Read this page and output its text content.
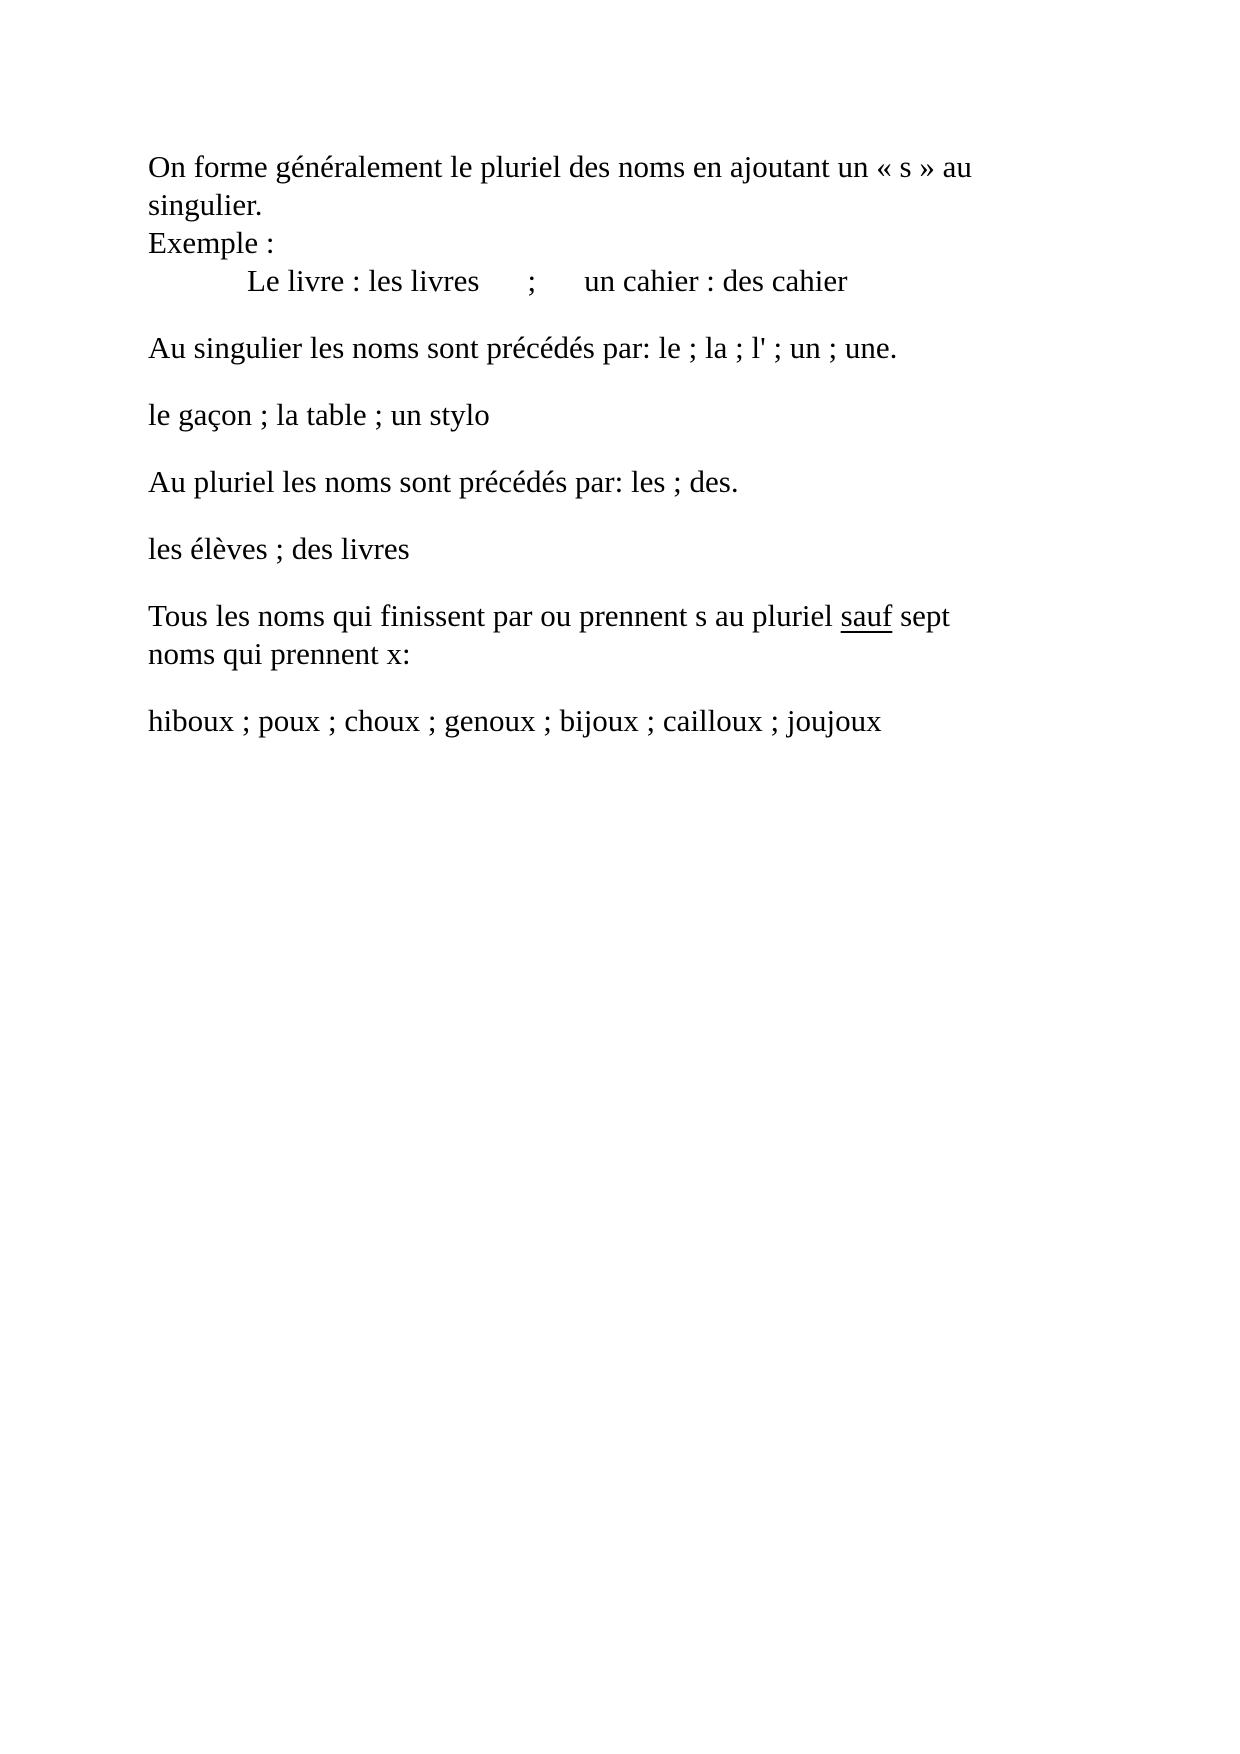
On forme généralement le pluriel des noms en ajoutant un « s » au

singulier.

Exemple :

Le livre : les livres ; un cahier : des cahier

Au singulier les noms sont précédés par: le ; la ; l' ; un ; une.

le gaçon ; la table ; un stylo

Au pluriel les noms sont précédés par: les ; des.

les élèves ; des livres

Tous les noms qui finissent par ou prennent s au pluriel sauf sept

noms qui prennent x:

hiboux ; poux ; choux ; genoux ; bijoux ; cailloux ; joujoux
